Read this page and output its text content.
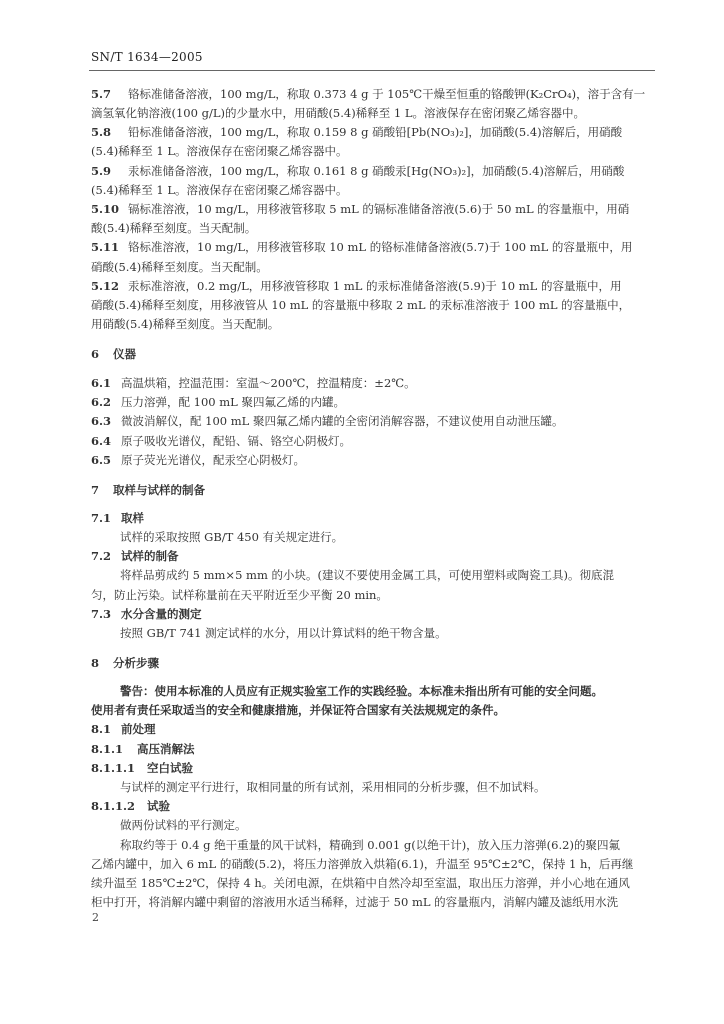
SN/T 1634—2005
5.7 铬标准储备溶液，100 mg/L，称取 0.373 4 g 于 105℃干燥至恒重的铬酸钾(K₂CrO₄)，溶于含有一
滴氢氧化钠溶液(100 g/L)的少量水中，用硝酸(5.4)稀释至 1 L。溶液保存在密闭聚乙烯容器中。
5.8 铅标准储备溶液，100 mg/L，称取 0.159 8 g 硝酸铅[Pb(NO₃)₂]，加硝酸(5.4)溶解后，用硝酸
(5.4)稀释至 1 L。溶液保存在密闭聚乙烯容器中。
5.9 汞标准储备溶液，100 mg/L，称取 0.161 8 g 硝酸汞[Hg(NO₃)₂]，加硝酸(5.4)溶解后，用硝酸
(5.4)稀释至 1 L。溶液保存在密闭聚乙烯容器中。
5.10 镉标准溶液，10 mg/L，用移液管移取 5 mL 的镉标准储备溶液(5.6)于 50 mL 的容量瓶中，用硝
酸(5.4)稀释至刻度。当天配制。
5.11 铬标准溶液，10 mg/L，用移液管移取 10 mL 的铬标准储备溶液(5.7)于 100 mL 的容量瓶中，用
硝酸(5.4)稀释至刻度。当天配制。
5.12 汞标准溶液，0.2 mg/L，用移液管移取 1 mL 的汞标准储备溶液(5.9)于 10 mL 的容量瓶中，用
硝酸(5.4)稀释至刻度，用移液管从 10 mL 的容量瓶中移取 2 mL 的汞标准溶液于 100 mL 的容量瓶中，
用硝酸(5.4)稀释至刻度。当天配制。
6 仪器
6.1 高温烘箱，控温范围：室温～200℃，控温精度：±2℃。
6.2 压力溶弹，配 100 mL 聚四氟乙烯的内罐。
6.3 微波消解仪，配 100 mL 聚四氟乙烯内罐的全密闭消解容器，不建议使用自动泄压罐。
6.4 原子吸收光谱仪，配铅、镉、铬空心阴极灯。
6.5 原子荧光光谱仪，配汞空心阴极灯。
7 取样与试样的制备
7.1 取样
试样的采取按照 GB/T 450 有关规定进行。
7.2 试样的制备
将样品剪成约 5 mm×5 mm 的小块。(建议不要使用金属工具，可使用塑料或陶瓷工具)。彻底混
匀，防止污染。试样称量前在天平附近至少平衡 20 min。
7.3 水分含量的测定
按照 GB/T 741 测定试样的水分，用以计算试料的绝干物含量。
8 分析步骤
警告：使用本标准的人员应有正规实验室工作的实践经验。本标准未指出所有可能的安全问题。
使用者有责任采取适当的安全和健康措施，并保证符合国家有关法规规定的条件。
8.1 前处理
8.1.1 高压消解法
8.1.1.1 空白试验
与试样的测定平行进行，取相同量的所有试剂，采用相同的分析步骤，但不加试料。
8.1.1.2 试验
做两份试料的平行测定。
称取约等于 0.4 g 绝干重量的风干试料，精确到 0.001 g(以绝干计)，放入压力溶弹(6.2)的聚四氟
乙烯内罐中，加入 6 mL 的硝酸(5.2)，将压力溶弹放入烘箱(6.1)，升温至 95℃±2℃，保持 1 h，后再继
续升温至 185℃±2℃，保持 4 h。关闭电源，在烘箱中自然冷却至室温，取出压力溶弹，并小心地在通风
柜中打开，将消解内罐中剩留的溶液用水适当稀释，过滤于 50 mL 的容量瓶内，消解内罐及滤纸用水洗
2
